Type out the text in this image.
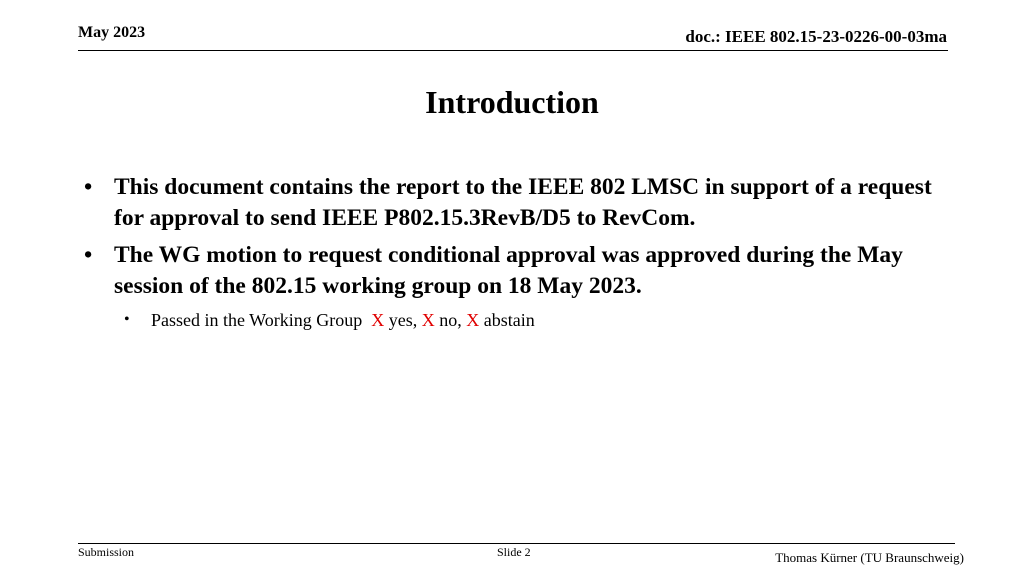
May 2023	doc.: IEEE 802.15-23-0226-00-03ma
Introduction
• This document contains the report to the IEEE 802 LMSC in support of a request for approval to send IEEE P802.15.3RevB/D5 to RevCom.
• The WG motion to request conditional approval was approved during the May session of the 802.15 working group on 18 May 2023.
• Passed in the Working Group X yes, X no, X abstain
Submission	Slide 2	Thomas Kürner (TU Braunschweig)
